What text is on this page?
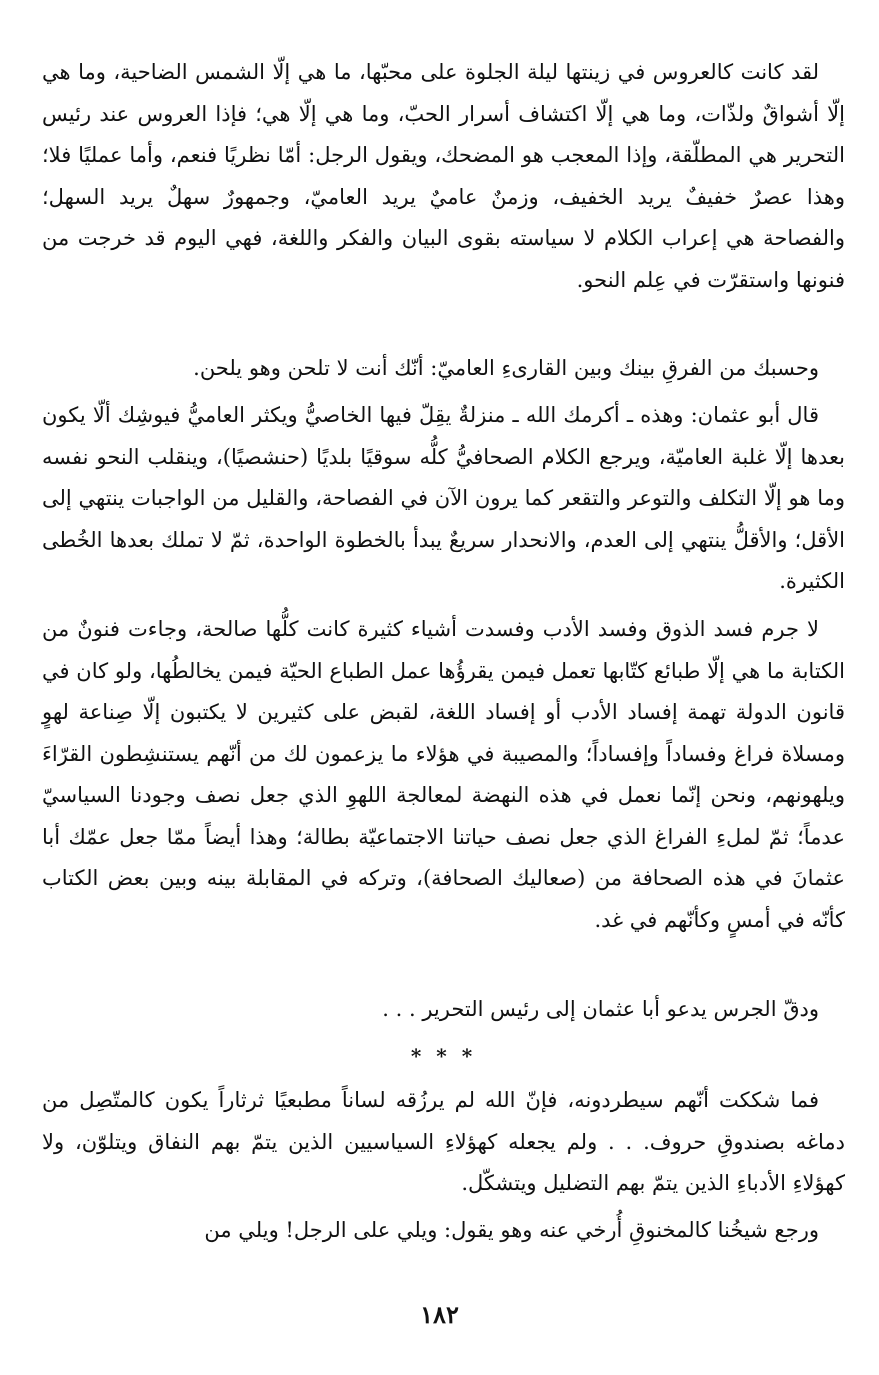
لقد كانت كالعروس في زينتها ليلة الجلوة على محبّها، ما هي إلّا الشمس الضاحية، وما هي إلّا أشواقٌ ولذّات، وما هي إلّا اكتشاف أسرار الحبّ، وما هي إلّا هي؛ فإذا العروس عند رئيس التحرير هي المطلّقة، وإذا المعجب هو المضحك، ويقول الرجل: أمّا نظريًا فنعم، وأما عمليًا فلا؛ وهذا عصرٌ خفيفٌ يريد الخفيف، وزمنٌ عاميٌ يريد العاميّ، وجمهورٌ سهلٌ يريد السهل؛ والفصاحة هي إعراب الكلام لا سياسته بقوى البيان والفكر واللغة، فهي اليوم قد خرجت من فنونها واستقرّت في عِلم النحو.

وحسبك من الفرقِ بينك وبين القارىءِ العاميّ: أنّك أنت لا تلحن وهو يلحن.

قال أبو عثمان: وهذه ـ أكرمك الله ـ منزلةٌ يقِلّ فيها الخاصيُّ ويكثر العاميُّ فيوشِك ألّا يكون بعدها إلّا غلبة العاميّة، ويرجع الكلام الصحافيُّ كلُّه سوقيًا بلديًا (حنشصيًا)، وينقلب النحو نفسه وما هو إلّا التكلف والتوعر والتقعر كما يرون الآن في الفصاحة، والقليل من الواجبات ينتهي إلى الأقل؛ والأقلُّ ينتهي إلى العدم، والانحدار سريعٌ يبدأ بالخطوة الواحدة، ثمّ لا تملك بعدها الخُطى الكثيرة.

لا جرم فسد الذوق وفسد الأدب وفسدت أشياء كثيرة كانت كلُّها صالحة، وجاءت فنونٌ من الكتابة ما هي إلّا طبائع كتّابها تعمل فيمن يقرؤُها عمل الطباع الحيّة فيمن يخالطُها، ولو كان في قانون الدولة تهمة إفساد الأدب أو إفساد اللغة، لقبض على كثيرين لا يكتبون إلّا صِناعة لهوٍ ومسلاة فراغ وفساداً وإفساداً؛ والمصيبة في هؤلاء ما يزعمون لك من أنّهم يستنشِطون القرّاءَ ويلهونهم، ونحن إنّما نعمل في هذه النهضة لمعالجة اللهوِ الذي جعل نصف وجودنا السياسيّ عدماً؛ ثمّ لملءِ الفراغ الذي جعل نصف حياتنا الاجتماعيّة بطالة؛ وهذا أيضاً ممّا جعل عمّك أبا عثمانَ في هذه الصحافة من (صعاليك الصحافة)، وتركه في المقابلة بينه وبين بعض الكتاب كأنّه في أمسٍ وكأنّهم في غد.

ودقّ الجرس يدعو أبا عثمان إلى رئيس التحرير . . .

* * *

فما شككت أنّهم سيطردونه، فإنّ الله لم يرزُقه لساناً مطبعيًا ثرثاراً يكون كالمتّصِل من دماغه بصندوقِ حروف. . . ولم يجعله كهؤلاءِ السياسيين الذين يتمّ بهم النفاق ويتلوّن، ولا كهؤلاءِ الأدباءِ الذين يتمّ بهم التضليل ويتشكّل.

ورجع شيخُنا كالمخنوقِ أُرخي عنه وهو يقول: ويلي على الرجل! ويلي من

١٨٢
